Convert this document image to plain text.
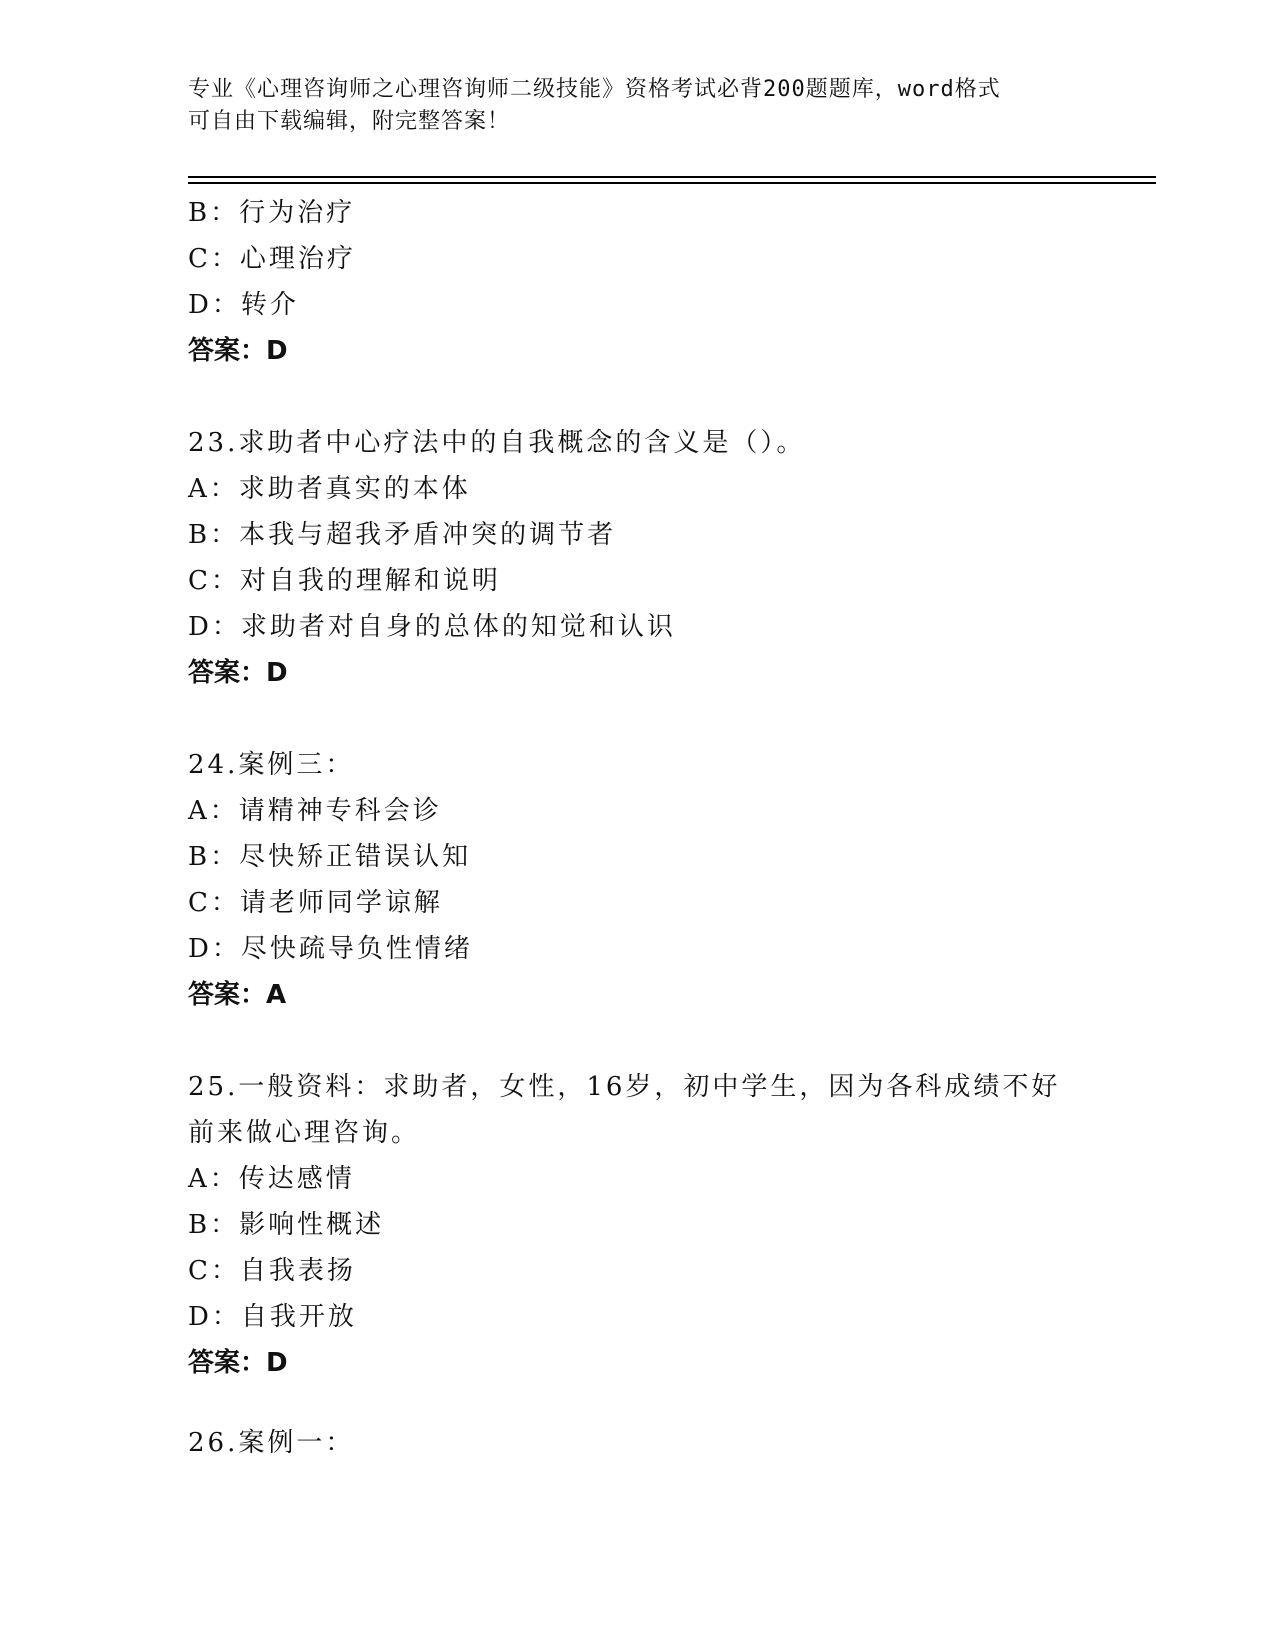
专业《心理咨询师之心理咨询师二级技能》资格考试必背200题题库，word格式
可自由下载编辑，附完整答案！
B：行为治疗
C：心理治疗
D：转介
答案：D
23.求助者中心疗法中的自我概念的含义是（）。
A：求助者真实的本体
B：本我与超我矛盾冲突的调节者
C：对自我的理解和说明
D：求助者对自身的总体的知觉和认识
答案：D
24.案例三：
A：请精神专科会诊
B：尽快矫正错误认知
C：请老师同学谅解
D：尽快疏导负性情绪
答案：A
25.一般资料：求助者，女性，16岁，初中学生，因为各科成绩不好前来做心理咨询。
A：传达感情
B：影响性概述
C：自我表扬
D：自我开放
答案：D
26.案例一：
